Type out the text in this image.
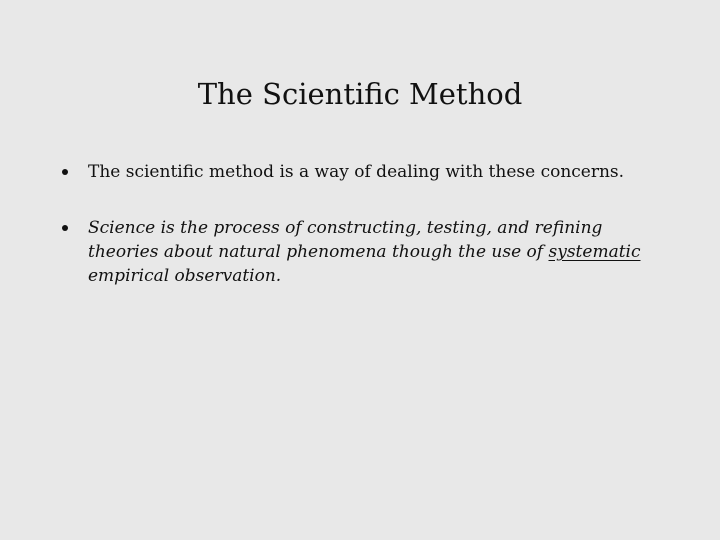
The Scientific Method
The scientific method is a way of dealing with these concerns.
Science is the process of constructing, testing, and refining theories about natural phenomena though the use of systematic empirical observation.
